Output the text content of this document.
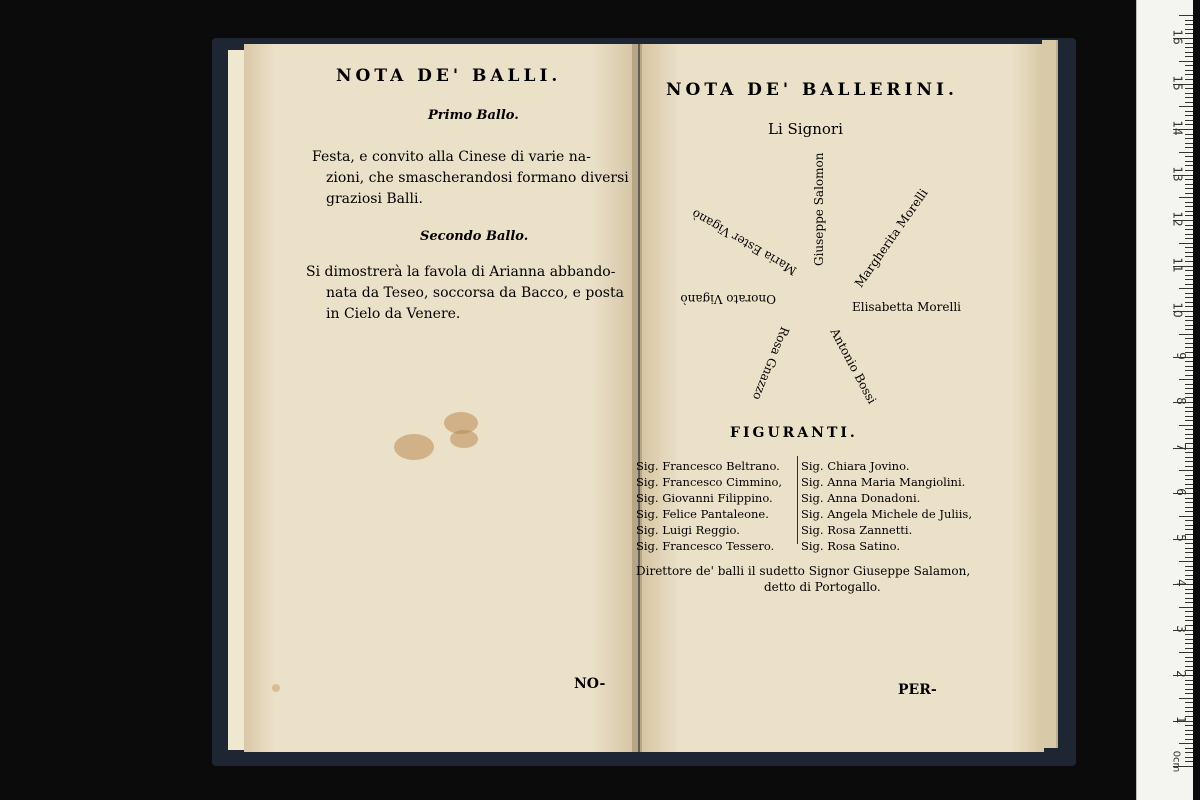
NOTA DE' BALLI.
Primo Ballo.

Festa, e convito alla Cinese di varie na-
zioni, che smascherandosi formano diversi
graziosi Balli.

Secondo Ballo.

Si dimostrerà la favola di Arianna abbando-
nata da Teseo, soccorsa da Bacco, e posta
in Cielo da Venere.

NO-
NOTA DE' BALLERINI.
Li Signori
Giuseppe Salomon Margherita Morelli
Elisabetta Morelli
Antonio Bossi
Rosa Gnazzo
Onorato Viganò
Maria Ester Viganò
FIGURANTI.
Sig. Francesco Beltrano.
Sig. Francesco Cimmino,
Sig. Giovanni Filippino.
Sig. Felice Pantaleone.
Sig. Luigi Reggio.
Sig. Francesco Tessero.
Sig. Chiara Jovino.
Sig. Anna Maria Mangiolini.
Sig. Anna Donadoni.
Sig. Angela Michele de Juliis,
Sig. Rosa Zannetti.
Sig. Rosa Satino.
Direttore de' balli il sudetto Signor Giuseppe Salamon,
detto di Portogallo.
PER-
1
2
3
4
5
6
7
8
9
10
11
12
13
14
15
16
0cm
